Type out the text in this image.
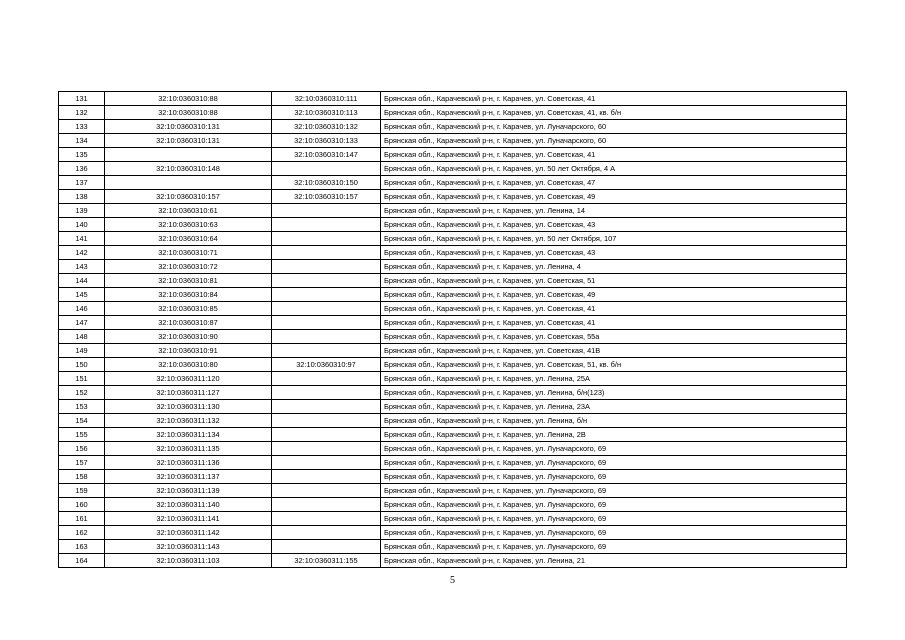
131	32:10:0360310:88	32:10:0360310:111	Брянская обл., Карачевский р-н, г. Карачев, ул. Советская, 41
132	32:10:0360310:88	32:10:0360310:113	Брянская обл., Карачевский р-н, г. Карачев, ул. Советская, 41, кв. б/н
133	32:10:0360310:131	32:10:0360310:132	Брянская обл., Карачевский р-н, г. Карачев, ул. Луначарского, 60
134	32:10:0360310:131	32:10:0360310:133	Брянская обл., Карачевский р-н, г. Карачев, ул. Луначарского, 60
135		32:10:0360310:147	Брянская обл., Карачевский р-н, г. Карачев, ул. Советская, 41
136	32:10:0360310:148		Брянская обл., Карачевский р-н, г. Карачев, ул. 50 лет Октября, 4 А
137		32:10:0360310:150	Брянская обл., Карачевский р-н, г. Карачев, ул. Советская, 47
138	32:10:0360310:157	32:10:0360310:157	Брянская обл., Карачевский р-н, г. Карачев, ул. Советская, 49
139	32:10:0360310:61		Брянская обл., Карачевский р-н, г. Карачев, ул. Ленина, 14
140	32:10:0360310:63		Брянская обл., Карачевский р-н, г. Карачев, ул. Советская, 43
141	32:10:0360310:64		Брянская обл., Карачевский р-н, г. Карачев, ул. 50 лет Октября, 107
142	32:10:0360310:71		Брянская обл., Карачевский р-н, г. Карачев, ул. Советская, 43
143	32:10:0360310:72		Брянская обл., Карачевский р-н, г. Карачев, ул. Ленина, 4
144	32:10:0360310:81		Брянская обл., Карачевский р-н, г. Карачев, ул. Советская, 51
145	32:10:0360310:84		Брянская обл., Карачевский р-н, г. Карачев, ул. Советская, 49
146	32:10:0360310:85		Брянская обл., Карачевский р-н, г. Карачев, ул. Советская, 41
147	32:10:0360310:87		Брянская обл., Карачевский р-н, г. Карачев, ул. Советская, 41
148	32:10:0360310:90		Брянская обл., Карачевский р-н, г. Карачев, ул. Советская, 55а
149	32:10:0360310:91		Брянская обл., Карачевский р-н, г. Карачев, ул. Советская, 41В
150	32:10:0360310:80	32:10:0360310:97	Брянская обл., Карачевский р-н, г. Карачев, ул. Советская, 51, кв. б/н
151	32:10:0360311:120		Брянская обл., Карачевский р-н, г. Карачев, ул. Ленина, 25А
152	32:10:0360311:127		Брянская обл., Карачевский р-н, г. Карачев, ул. Ленина, б/н(123)
153	32:10:0360311:130		Брянская обл., Карачевский р-н, г. Карачев, ул. Ленина, 23А
154	32:10:0360311:132		Брянская обл., Карачевский р-н, г. Карачев, ул. Ленина, б/н
155	32:10:0360311:134		Брянская обл., Карачевский р-н, г. Карачев, ул. Ленина, 2В
156	32:10:0360311:135		Брянская обл., Карачевский р-н, г. Карачев, ул. Луначарского, 69
157	32:10:0360311:136		Брянская обл., Карачевский р-н, г. Карачев, ул. Луначарского, 69
158	32:10:0360311:137		Брянская обл., Карачевский р-н, г. Карачев, ул. Луначарского, 69
159	32:10:0360311:139		Брянская обл., Карачевский р-н, г. Карачев, ул. Луначарского, 69
160	32:10:0360311:140		Брянская обл., Карачевский р-н, г. Карачев, ул. Луначарского, 69
161	32:10:0360311:141		Брянская обл., Карачевский р-н, г. Карачев, ул. Луначарского, 69
162	32:10:0360311:142		Брянская обл., Карачевский р-н, г. Карачев, ул. Луначарского, 69
163	32:10:0360311:143		Брянская обл., Карачевский р-н, г. Карачев, ул. Луначарского, 69
164	32:10:0360311:103	32:10:0360311:155	Брянская обл., Карачевский р-н, г. Карачев, ул. Ленина, 21
5
